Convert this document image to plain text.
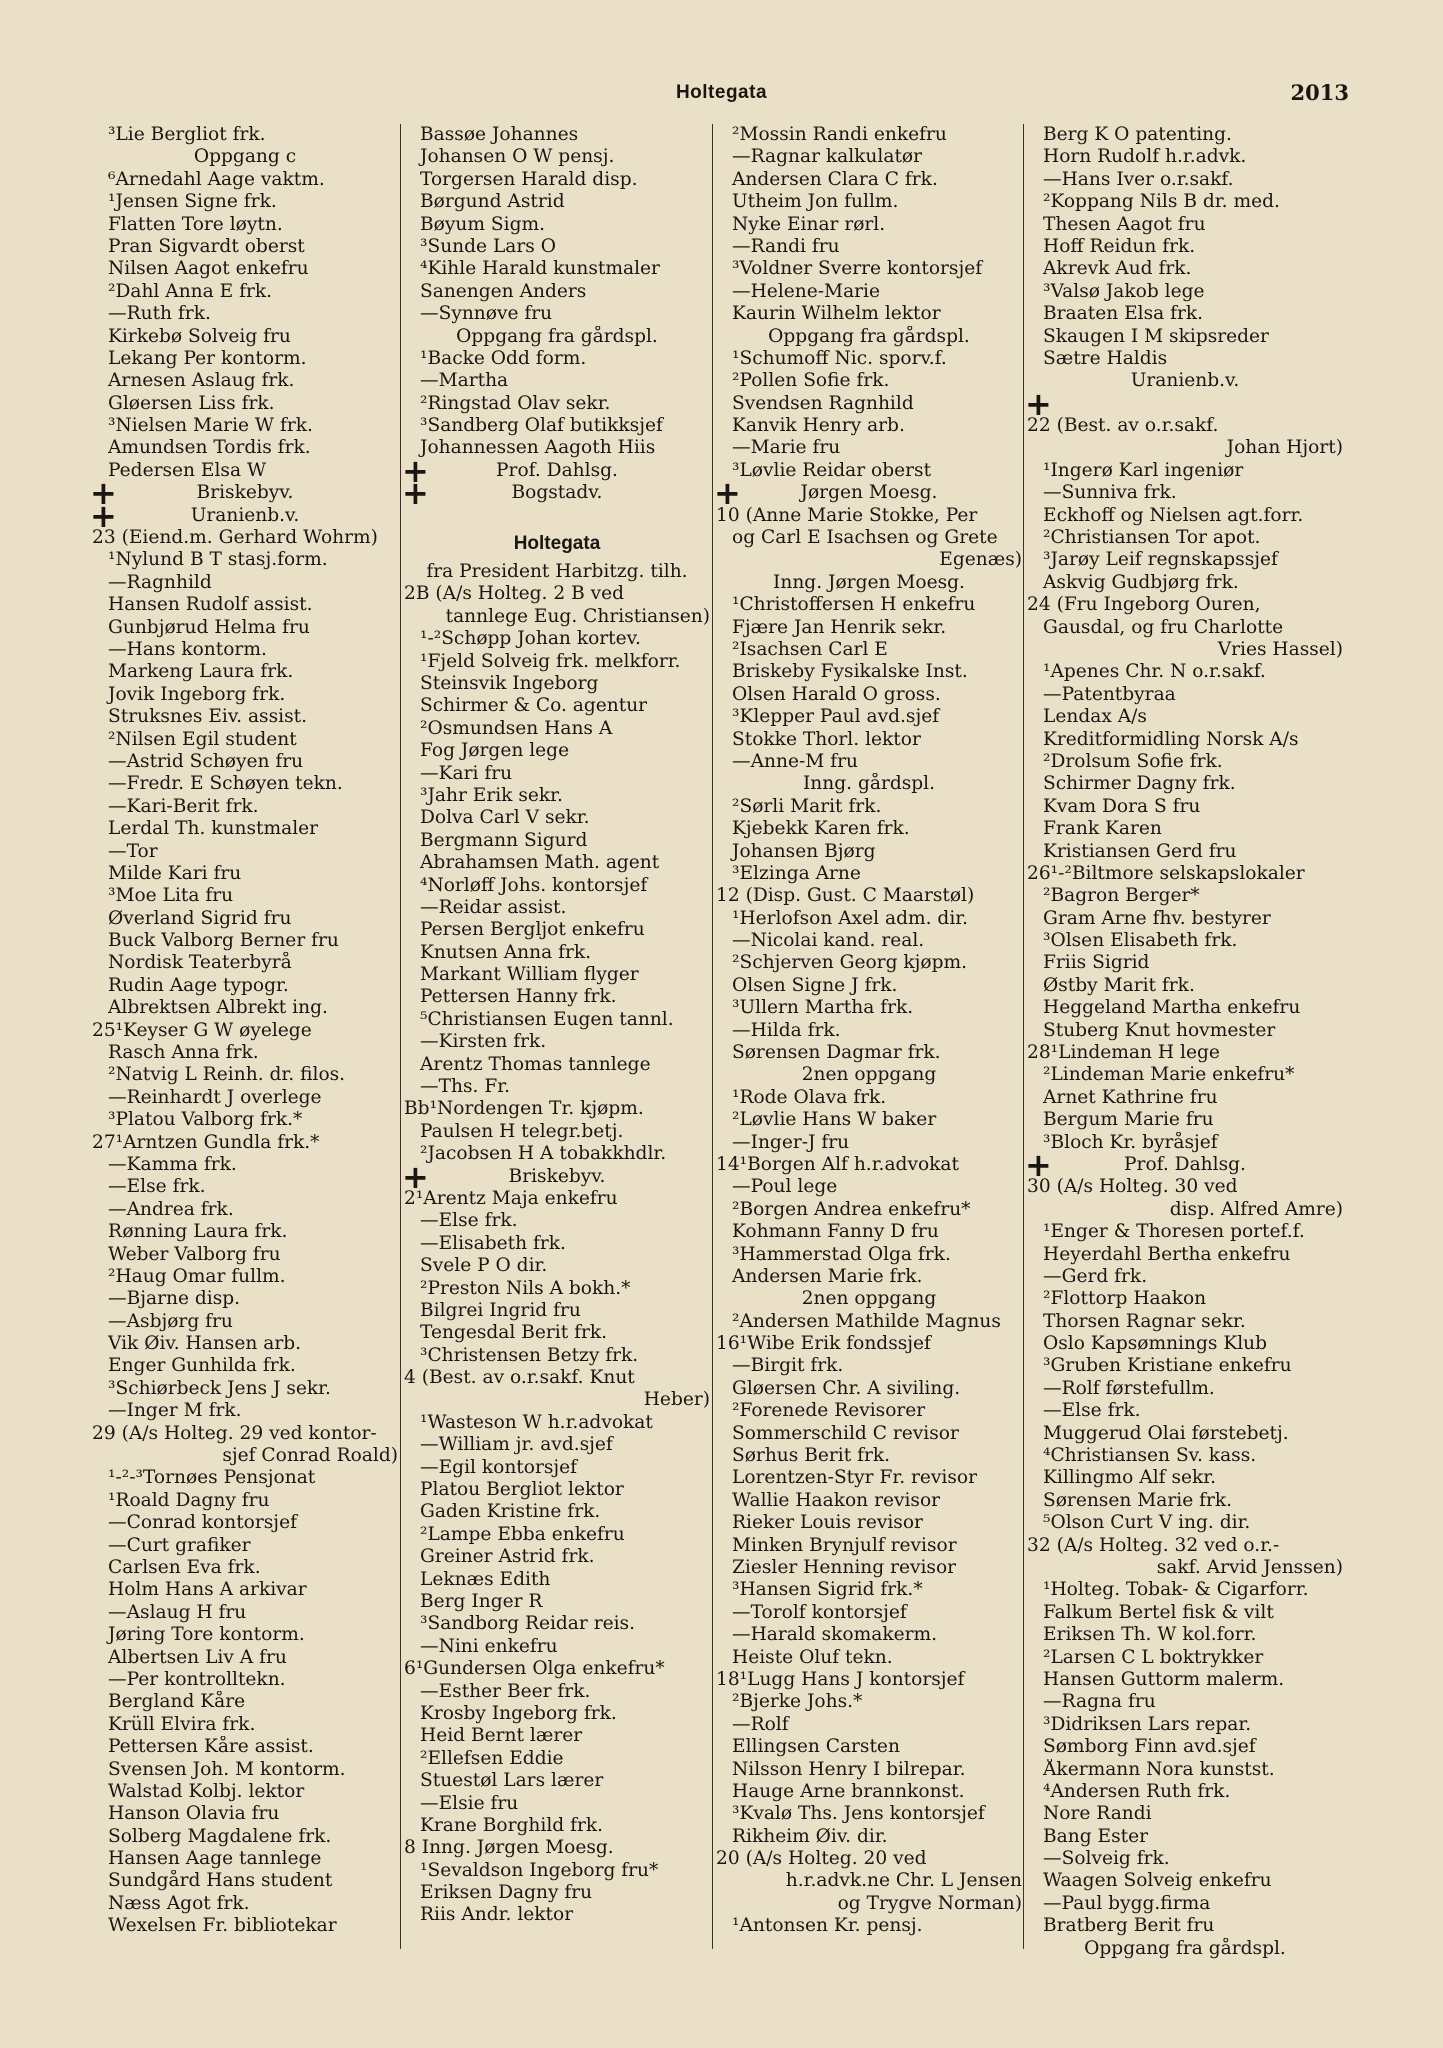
Holtegata	2013
³Lie Bergliot frk.
Oppgang c
⁶Arnedahl Aage vaktm.
¹Jensen Signe frk.
Flatten Tore løytn.
Pran Sigvardt oberst
Nilsen Aagot enkefru
²Dahl Anna E frk.
—Ruth frk.
Kirkebø Solveig fru
Lekang Per kontorm.
Arnesen Aslaug frk.
Gløersen Liss frk.
³Nielsen Marie W frk.
Amundsen Tordis frk.
Pedersen Elsa W
+ Briskebyv.
+ Uranienb.v.
23 (Eiend.m. Gerhard Wohrm)
¹Nylund B T stasj.form.
—Ragnhild
Hansen Rudolf assist.
Gunbjørud Helma fru
—Hans kontorm.
Markeng Laura frk.
Jovik Ingeborg frk.
Struksnes Eiv. assist.
²Nilsen Egil student
—Astrid Schøyen fru
—Fredr. E Schøyen tekn.
—Kari-Berit frk.
Lerdal Th. kunstmaler
—Tor
Milde Kari fru
³Moe Lita fru
Øverland Sigrid fru
Buck Valborg Berner fru
Nordisk Teaterbyrå
Rudin Aage typogr.
Albrektsen Albrekt ing.
25¹Keyser G W øyelege
Rasch Anna frk.
²Natvig L Reinh. dr. filos.
—Reinhardt J overlege
³Platou Valborg frk.*
27¹Arntzen Gundla frk.*
—Kamma frk.
—Else frk.
—Andrea frk.
Rønning Laura frk.
Weber Valborg fru
²Haug Omar fullm.
—Bjarne disp.
—Asbjørg fru
Vik Øiv. Hansen arb.
Enger Gunhilda frk.
³Schiørbeck Jens J sekr.
—Inger M frk.
29 (A/s Holteg. 29 ved kontor-
sjef Conrad Roald)
¹‑²‑³Tornøes Pensjonat
¹Roald Dagny fru
—Conrad kontorsjef
—Curt grafiker
Carlsen Eva frk.
Holm Hans A arkivar
—Aslaug H fru
Jøring Tore kontorm.
Albertsen Liv A fru
—Per kontrolltekn.
Bergland Kåre
Krüll Elvira frk.
Pettersen Kåre assist.
Svensen Joh. M kontorm.
Walstad Kolbj. lektor
Hanson Olavia fru
Solberg Magdalene frk.
Hansen Aage tannlege
Sundgård Hans student
Næss Agot frk.
Wexelsen Fr. bibliotekar
Bassøe Johannes
Johansen O W pensj.
Torgersen Harald disp.
Børgund Astrid
Bøyum Sigm.
³Sunde Lars O
⁴Kihle Harald kunstmaler
Sanengen Anders
—Synnøve fru
Oppgang fra gårdspl.
¹Backe Odd form.
—Martha
²Ringstad Olav sekr.
³Sandberg Olaf butikksjef
Johannessen Aagoth Hiis
+ Prof. Dahlsg.
+ Bogstadv.
Holtegata
fra President Harbitzg. tilh.
2B (A/s Holteg. 2 B ved
tannlege Eug. Christiansen)
¹‑²Schøpp Johan kortev.
¹Fjeld Solveig frk. melkforr.
Steinsvik Ingeborg
Schirmer & Co. agentur
²Osmundsen Hans A
Fog Jørgen lege
—Kari fru
³Jahr Erik sekr.
Dolva Carl V sekr.
Bergmann Sigurd
Abrahamsen Math. agent
⁴Norløff Johs. kontorsjef
—Reidar assist.
Persen Bergljot enkefru
Knutsen Anna frk.
Markant William flyger
Pettersen Hanny frk.
⁵Christiansen Eugen tannl.
—Kirsten frk.
Arentz Thomas tannlege
—Ths. Fr.
Bb¹Nordengen Tr. kjøpm.
Paulsen H telegr.betj.
²Jacobsen H A tobakkhdlr.
+ Briskebyv.
2¹Arentz Maja enkefru
—Else frk.
—Elisabeth frk.
Svele P O dir.
²Preston Nils A bokh.*
Bilgrei Ingrid fru
Tengesdal Berit frk.
³Christensen Betzy frk.
4 (Best. av o.r.sakf. Knut
Heber)
¹Wasteson W h.r.advokat
—William jr. avd.sjef
—Egil kontorsjef
Platou Bergliot lektor
Gaden Kristine frk.
²Lampe Ebba enkefru
Greiner Astrid frk.
Leknæs Edith
Berg Inger R
³Sandborg Reidar reis.
—Nini enkefru
6¹Gundersen Olga enkefru*
—Esther Beer frk.
Krosby Ingeborg frk.
Heid Bernt lærer
²Ellefsen Eddie
Stuestøl Lars lærer
—Elsie fru
Krane Borghild frk.
8 Inng. Jørgen Moesg.
¹Sevaldson Ingeborg fru*
Eriksen Dagny fru
Riis Andr. lektor
²Mossin Randi enkefru
—Ragnar kalkulatør
Andersen Clara C frk.
Utheim Jon fullm.
Nyke Einar rørl.
—Randi fru
³Voldner Sverre kontorsjef
—Helene-Marie
Kaurin Wilhelm lektor
Oppgang fra gårdspl.
¹Schumoff Nic. sporv.f.
²Pollen Sofie frk.
Svendsen Ragnhild
Kanvik Henry arb.
—Marie fru
³Løvlie Reidar oberst
+ Jørgen Moesg.
10 (Anne Marie Stokke, Per
og Carl E Isachsen og Grete
Egenæs)
Inng. Jørgen Moesg.
¹Christoffersen H enkefru
Fjære Jan Henrik sekr.
²Isachsen Carl E
Briskeby Fysikalske Inst.
Olsen Harald O gross.
³Klepper Paul avd.sjef
Stokke Thorl. lektor
—Anne-M fru
Inng. gårdspl.
²Sørli Marit frk.
Kjebekk Karen frk.
Johansen Bjørg
³Elzinga Arne
12 (Disp. Gust. C Maarstøl)
¹Herlofson Axel adm. dir.
—Nicolai kand. real.
²Schjerven Georg kjøpm.
Olsen Signe J frk.
³Ullern Martha frk.
—Hilda frk.
Sørensen Dagmar frk.
2nen oppgang
¹Rode Olava frk.
²Løvlie Hans W baker
—Inger-J fru
14¹Borgen Alf h.r.advokat
—Poul lege
²Borgen Andrea enkefru*
Kohmann Fanny D fru
³Hammerstad Olga frk.
Andersen Marie frk.
2nen oppgang
²Andersen Mathilde Magnus
16¹Wibe Erik fondssjef
—Birgit frk.
Gløersen Chr. A siviling.
²Forenede Revisorer
Sommerschild C revisor
Sørhus Berit frk.
Lorentzen-Styr Fr. revisor
Wallie Haakon revisor
Rieker Louis revisor
Minken Brynjulf revisor
Ziesler Henning revisor
³Hansen Sigrid frk.*
—Torolf kontorsjef
—Harald skomakerm.
Heiste Oluf tekn.
18¹Lugg Hans J kontorsjef
²Bjerke Johs.*
—Rolf
Ellingsen Carsten
Nilsson Henry I bilrepar.
Hauge Arne brannkonst.
³Kvalø Ths. Jens kontorsjef
Rikheim Øiv. dir.
20 (A/s Holteg. 20 ved
h.r.advk.ne Chr. L Jensen
og Trygve Norman)
¹Antonsen Kr. pensj.
Berg K O patenting.
Horn Rudolf h.r.advk.
—Hans Iver o.r.sakf.
²Koppang Nils B dr. med.
Thesen Aagot fru
Hoff Reidun frk.
Akrevk Aud frk.
³Valsø Jakob lege
Braaten Elsa frk.
Skaugen I M skipsreder
Sætre Haldis
Uranienb.v.
+
22 (Best. av o.r.sakf.
Johan Hjort)
¹Ingerø Karl ingeniør
—Sunniva frk.
Eckhoff og Nielsen agt.forr.
²Christiansen Tor apot.
³Jarøy Leif regnskapssjef
Askvig Gudbjørg frk.
24 (Fru Ingeborg Ouren,
Gausdal, og fru Charlotte
Vries Hassel)
¹Apenes Chr. N o.r.sakf.
—Patentbyraa
Lendax A/s
Kreditformidling Norsk A/s
²Drolsum Sofie frk.
Schirmer Dagny frk.
Kvam Dora S fru
Frank Karen
Kristiansen Gerd fru
26¹‑²Biltmore selskapslokaler
²Bagron Berger*
Gram Arne fhv. bestyrer
³Olsen Elisabeth frk.
Friis Sigrid
Østby Marit frk.
Heggeland Martha enkefru
Stuberg Knut hovmester
28¹Lindeman H lege
²Lindeman Marie enkefru*
Arnet Kathrine fru
Bergum Marie fru
³Bloch Kr. byråsjef
+ Prof. Dahlsg.
30 (A/s Holteg. 30 ved
disp. Alfred Amre)
¹Enger & Thoresen portef.f.
Heyerdahl Bertha enkefru
—Gerd frk.
²Flottorp Haakon
Thorsen Ragnar sekr.
Oslo Kapsømnings Klub
³Gruben Kristiane enkefru
—Rolf førstefullm.
—Else frk.
Muggerud Olai førstebetj.
⁴Christiansen Sv. kass.
Killingmo Alf sekr.
Sørensen Marie frk.
⁵Olson Curt V ing. dir.
32 (A/s Holteg. 32 ved o.r.-
sakf. Arvid Jenssen)
¹Holteg. Tobak- & Cigarforr.
Falkum Bertel fisk & vilt
Eriksen Th. W kol.forr.
²Larsen C L boktrykker
Hansen Guttorm malerm.
—Ragna fru
³Didriksen Lars repar.
Sømborg Finn avd.sjef
Åkermann Nora kunstst.
⁴Andersen Ruth frk.
Nore Randi
Bang Ester
—Solveig frk.
Waagen Solveig enkefru
—Paul bygg.firma
Bratberg Berit fru
Oppgang fra gårdspl.
